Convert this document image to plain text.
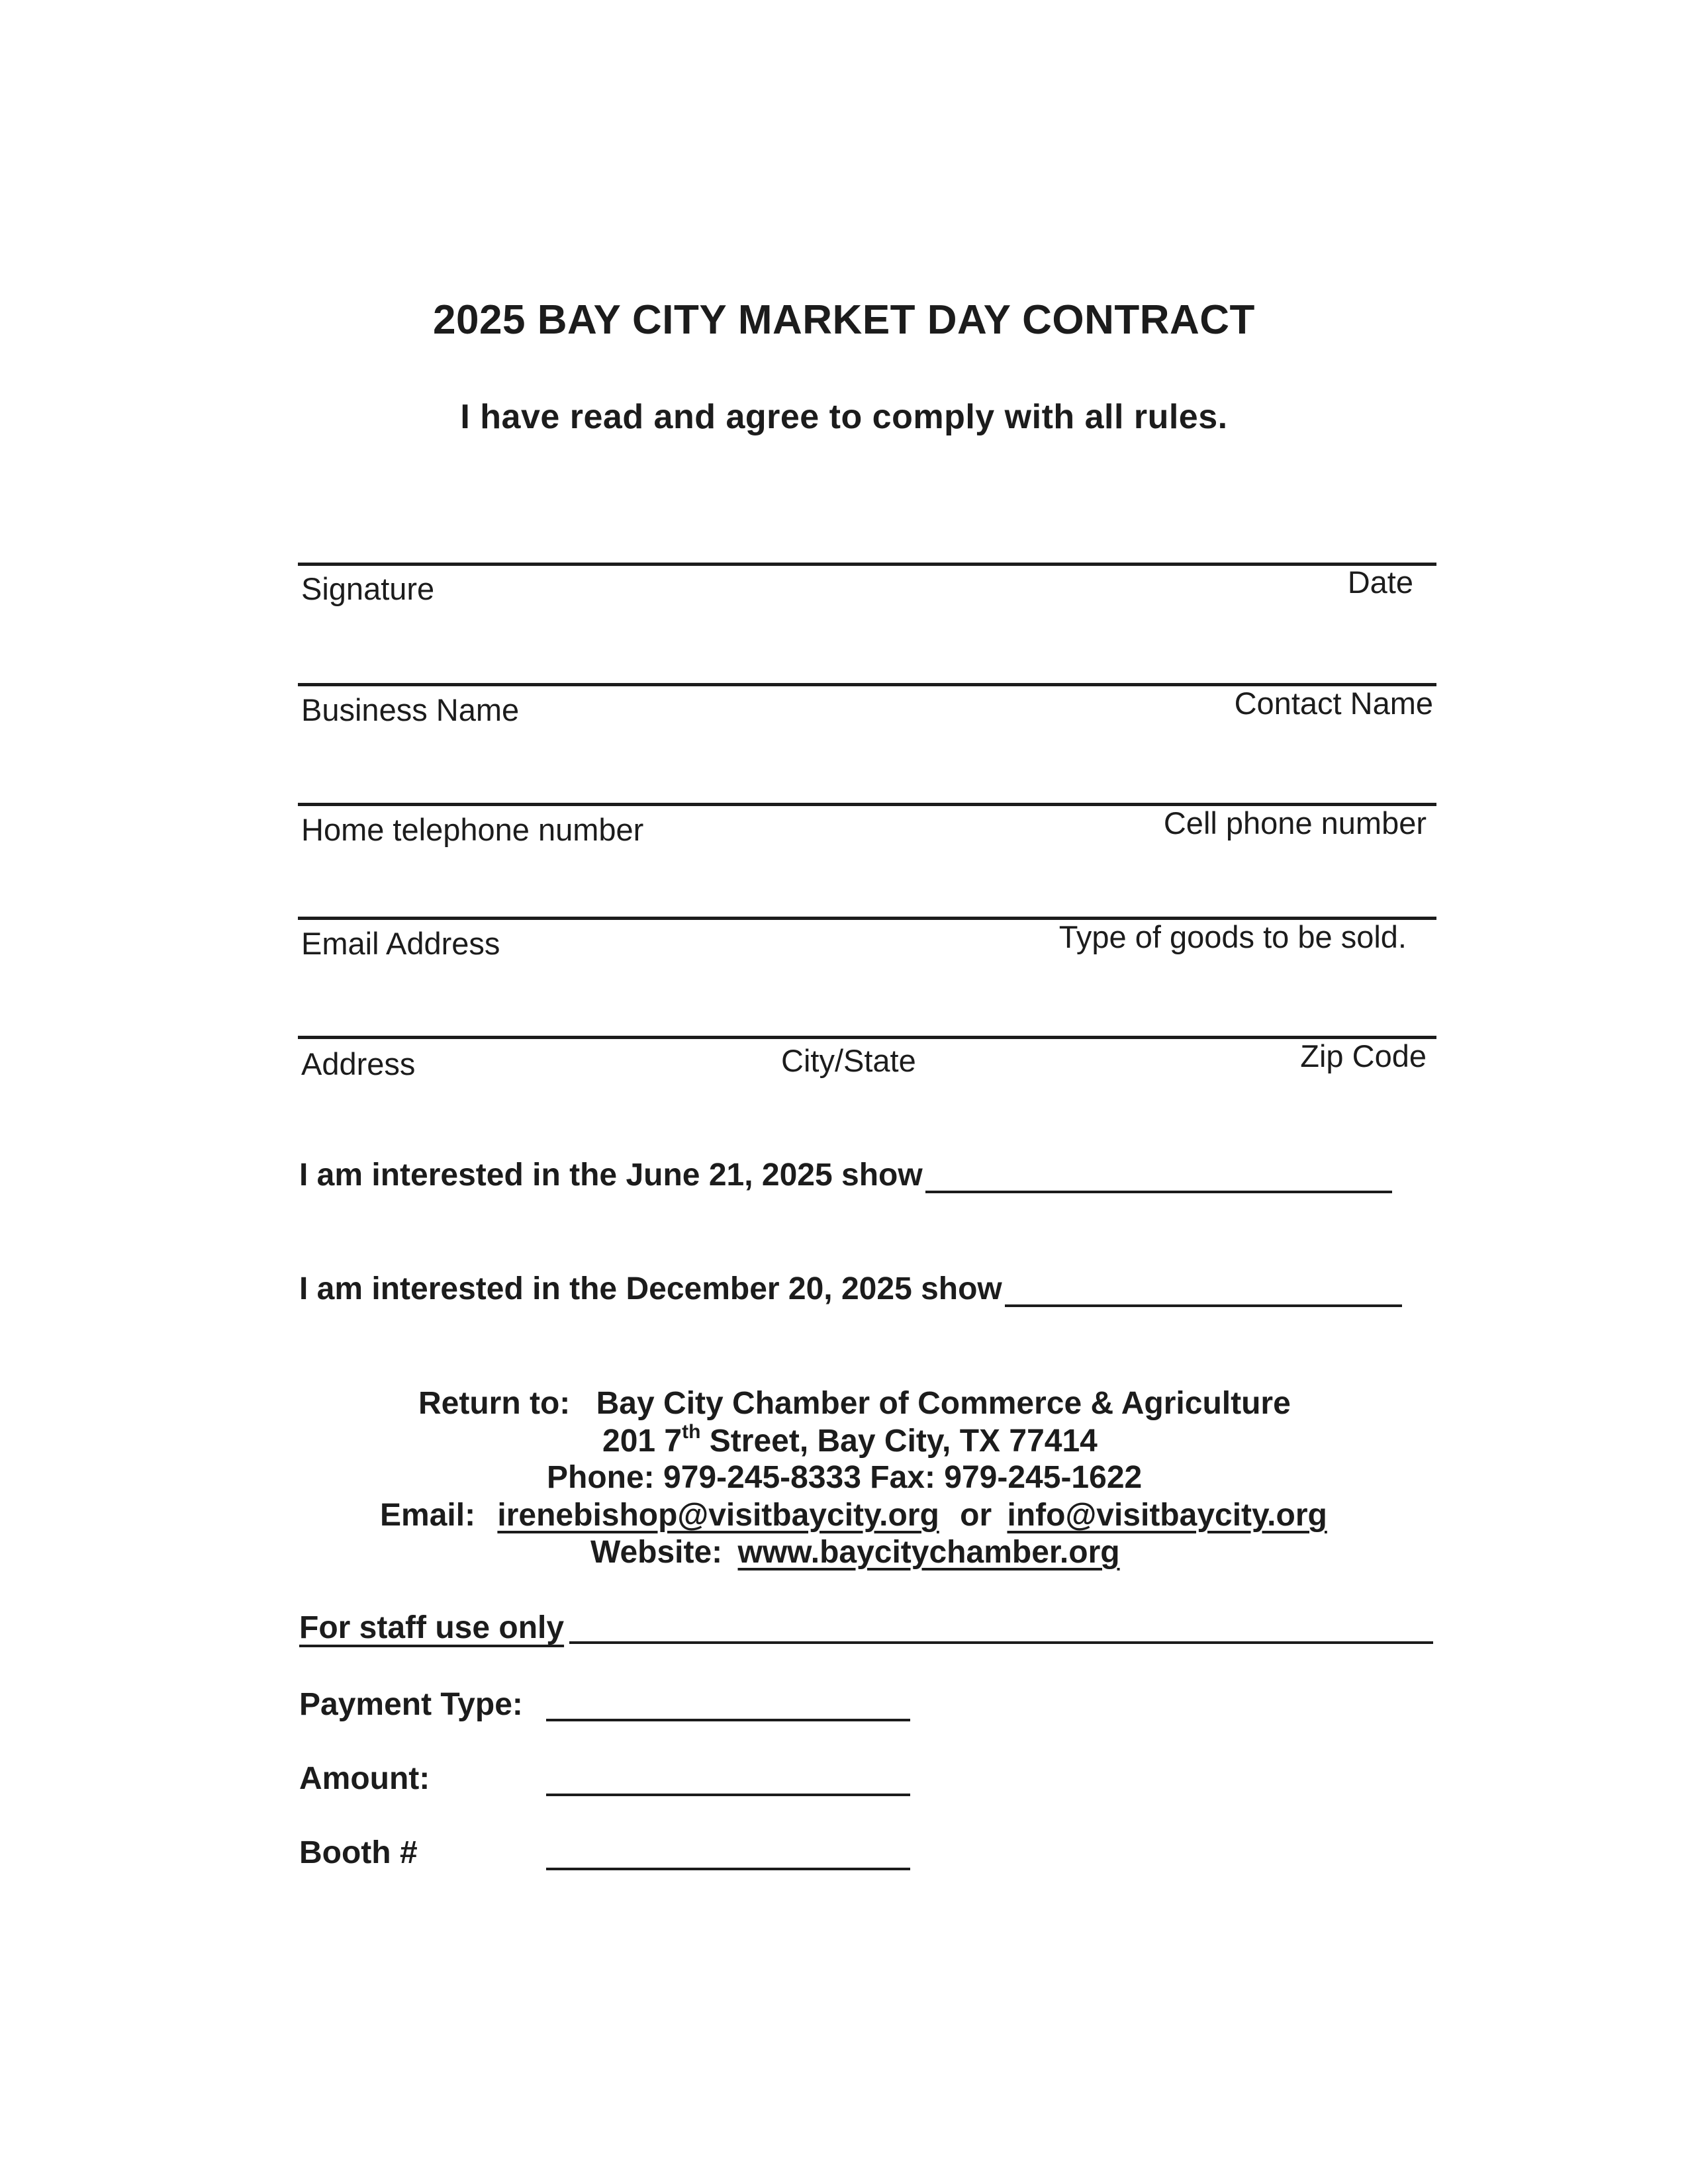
2025 BAY CITY MARKET DAY CONTRACT
I have read and agree to comply with all rules.
Signature	Date
Business Name	Contact Name
Home telephone number	Cell phone number
Email Address	Type of goods to be sold.
Address	City/State	Zip Code
I am interested in the June 21, 2025 show
I am interested in the December 20, 2025 show
Return to: Bay City Chamber of Commerce & Agriculture
201 7th Street, Bay City, TX 77414
Phone: 979-245-8333 Fax: 979-245-1622
Email: irenebishop@visitbaycity.org or info@visitbaycity.org
Website: www.baycitychamber.org
For staff use only
Payment Type:
Amount:
Booth #
